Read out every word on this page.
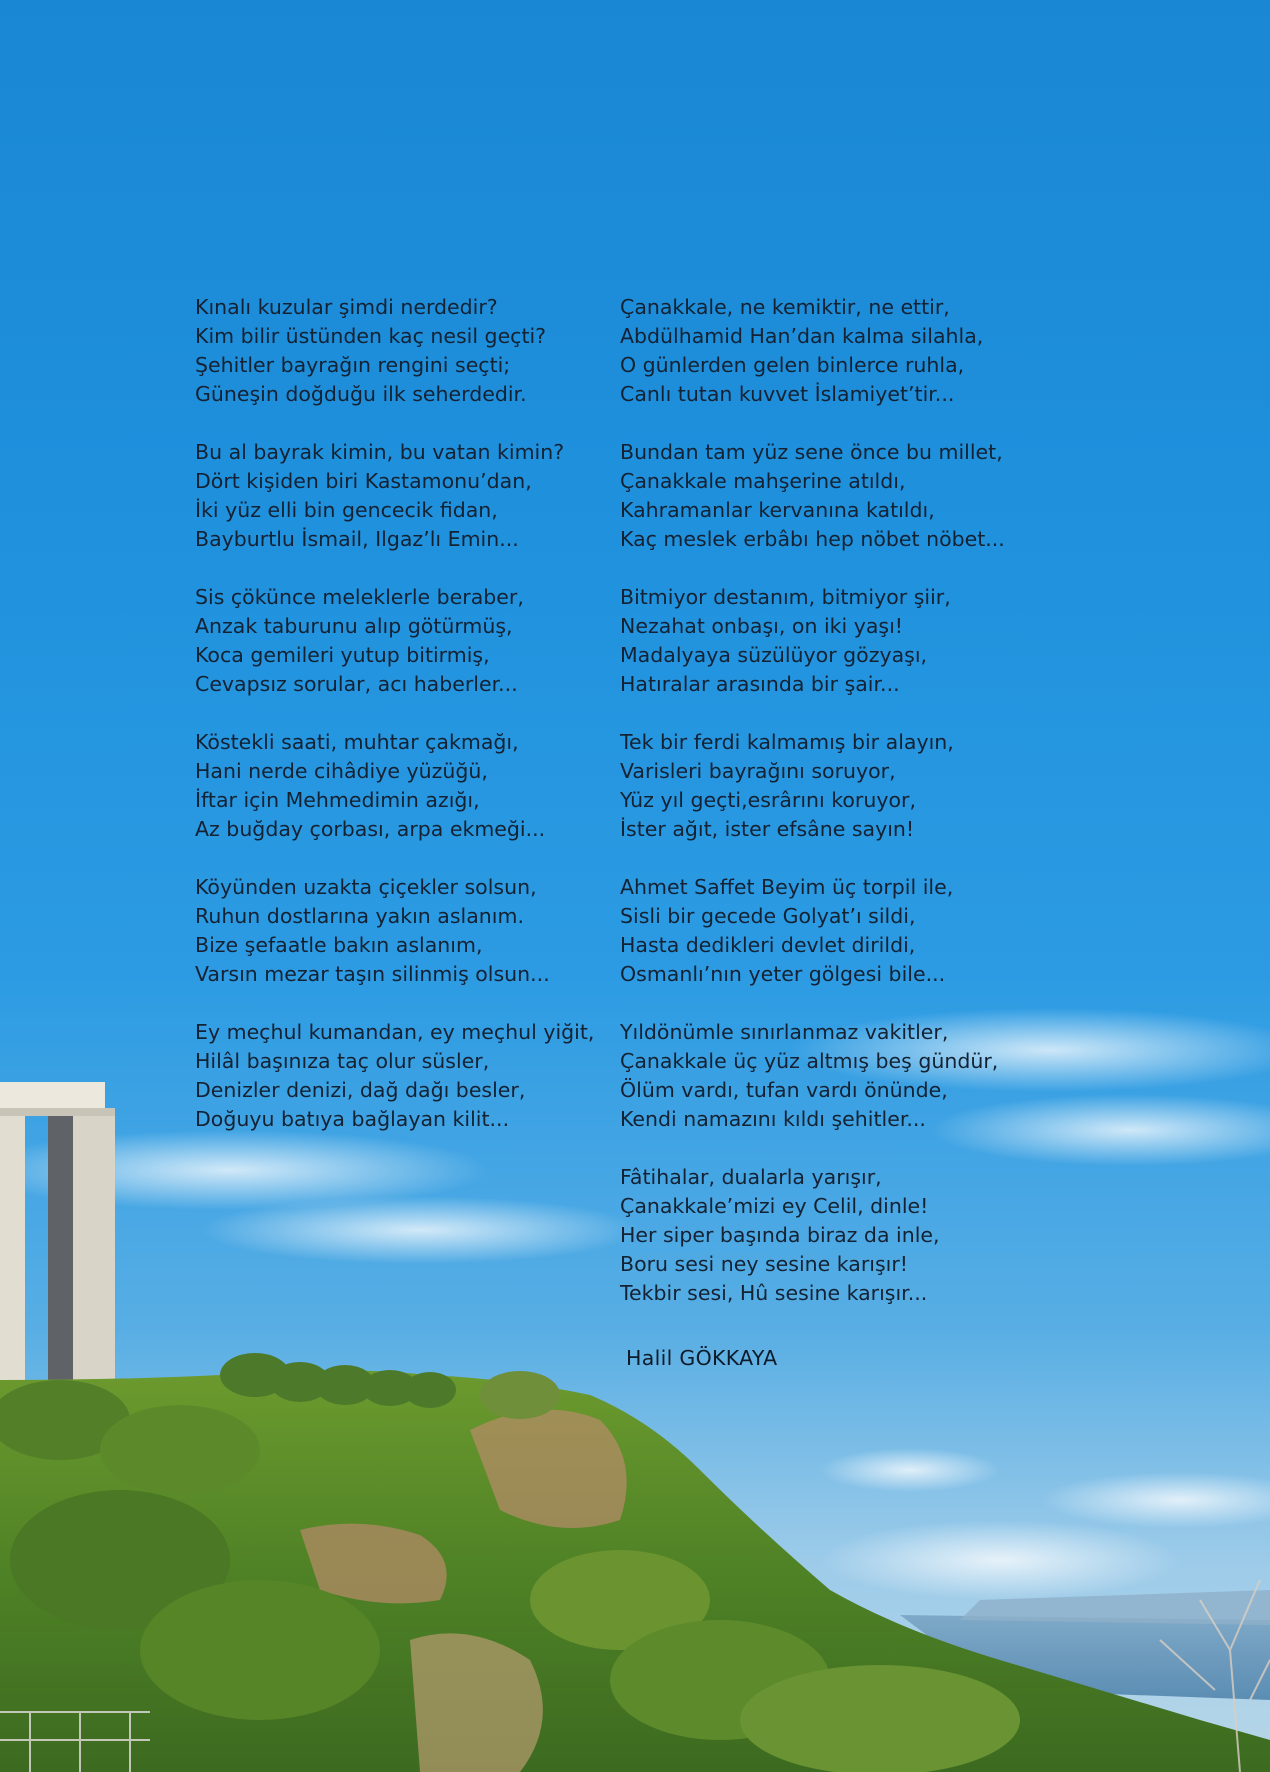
Kınalı kuzular şimdi nerdedir?
Kim bilir üstünden kaç nesil geçti?
Şehitler bayrağın rengini seçti;
Güneşin doğduğu ilk seherdedir.
Bu al bayrak kimin, bu vatan kimin?
Dört kişiden biri Kastamonu’dan,
İki yüz elli bin gencecik fidan,
Bayburtlu İsmail, Ilgaz’lı Emin...
Sis çökünce meleklerle beraber,
Anzak taburunu alıp götürmüş,
Koca gemileri yutup bitirmiş,
Cevapsız sorular, acı haberler...
Köstekli saati, muhtar çakmağı,
Hani nerde cihâdiye yüzüğü,
İftar için Mehmedimin azığı,
Az buğday çorbası, arpa ekmeği...
Köyünden uzakta çiçekler solsun,
Ruhun dostlarına yakın aslanım.
Bize şefaatle bakın aslanım,
Varsın mezar taşın silinmiş olsun...
Ey meçhul kumandan, ey meçhul yiğit,
Hilâl başınıza taç olur süsler,
Denizler denizi, dağ dağı besler,
Doğuyu batıya bağlayan kilit...
Çanakkale, ne kemiktir, ne ettir,
Abdülhamid Han’dan kalma silahla,
O günlerden gelen binlerce ruhla,
Canlı tutan kuvvet İslamiyet’tir...
Bundan tam yüz sene önce bu millet,
Çanakkale mahşerine atıldı,
Kahramanlar kervanına katıldı,
Kaç meslek erbâbı hep nöbet nöbet...
Bitmiyor destanım, bitmiyor şiir,
Nezahat onbaşı, on iki yaşı!
Madalyaya süzülüyor gözyaşı,
Hatıralar arasında bir şair...
Tek bir ferdi kalmamış bir alayın,
Varisleri bayrağını soruyor,
Yüz yıl geçti,esrârını koruyor,
İster ağıt, ister efsâne sayın!
Ahmet Saffet Beyim üç torpil ile,
Sisli bir gecede Golyat’ı sildi,
Hasta dedikleri devlet dirildi,
Osmanlı’nın yeter gölgesi bile...
Yıldönümle sınırlanmaz vakitler,
Çanakkale üç yüz altmış beş gündür,
Ölüm vardı, tufan vardı önünde,
Kendi namazını kıldı şehitler...
Fâtihalar, dualarla yarışır,
Çanakkale’mizi ey Celil, dinle!
Her siper başında biraz da inle,
Boru sesi ney sesine karışır!
Tekbir sesi, Hû sesine karışır...
Halil GÖKKAYA
